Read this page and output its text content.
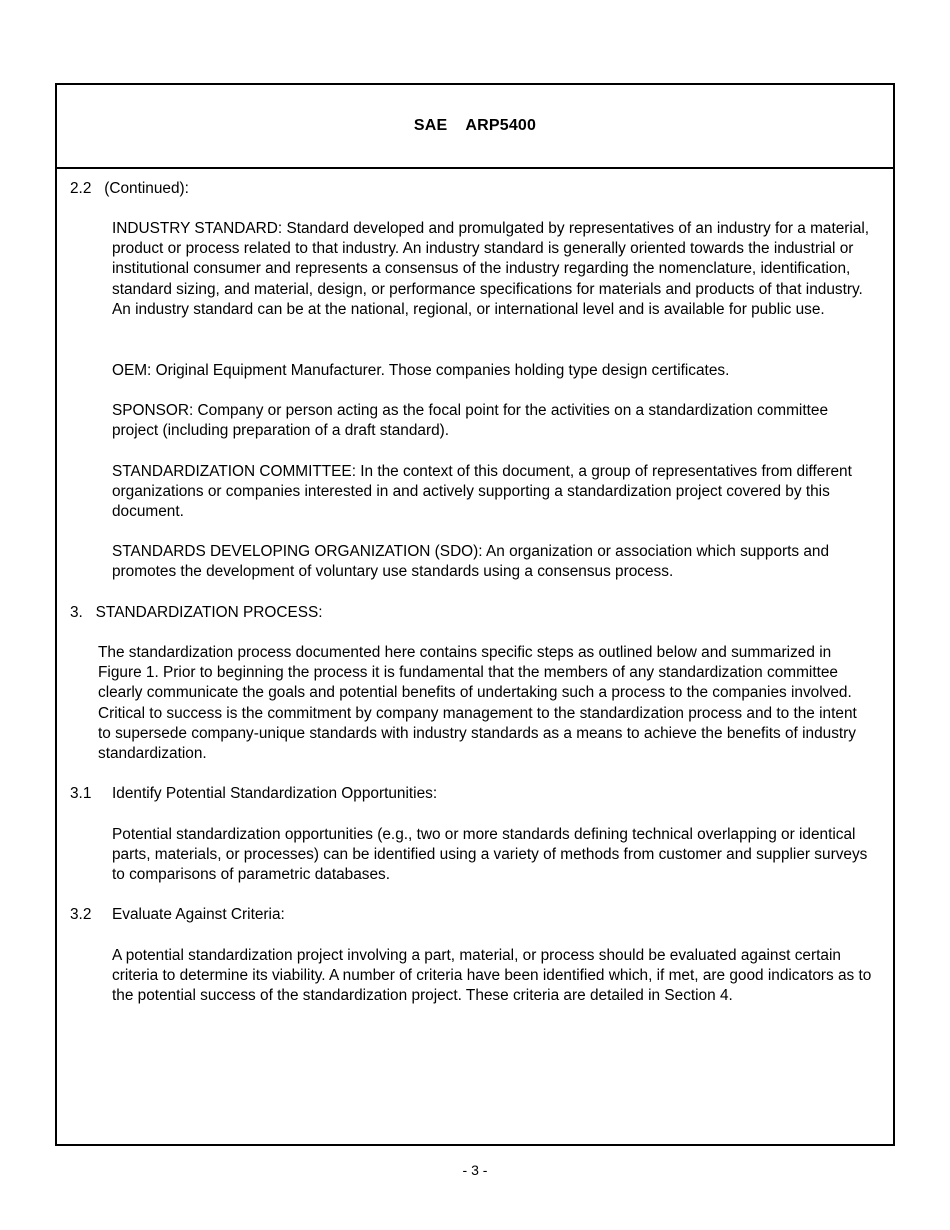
SAE ARP5400

2.2 (Continued):

INDUSTRY STANDARD: Standard developed and promulgated by representatives of an industry for a material, product or process related to that industry. An industry standard is generally oriented towards the industrial or institutional consumer and represents a consensus of the industry regarding the nomenclature, identification, standard sizing, and material, design, or performance specifications for materials and products of that industry. An industry standard can be at the national, regional, or international level and is available for public use.

OEM: Original Equipment Manufacturer. Those companies holding type design certificates.

SPONSOR: Company or person acting as the focal point for the activities on a standardization committee project (including preparation of a draft standard).

STANDARDIZATION COMMITTEE: In the context of this document, a group of representatives from different organizations or companies interested in and actively supporting a standardization project covered by this document.

STANDARDS DEVELOPING ORGANIZATION (SDO): An organization or association which supports and promotes the development of voluntary use standards using a consensus process.

3. STANDARDIZATION PROCESS:

The standardization process documented here contains specific steps as outlined below and summarized in Figure 1. Prior to beginning the process it is fundamental that the members of any standardization committee clearly communicate the goals and potential benefits of undertaking such a process to the companies involved. Critical to success is the commitment by company management to the standardization process and to the intent to supersede company-unique standards with industry standards as a means to achieve the benefits of industry standardization.

3.1 Identify Potential Standardization Opportunities:

Potential standardization opportunities (e.g., two or more standards defining technical overlapping or identical parts, materials, or processes) can be identified using a variety of methods from customer and supplier surveys to comparisons of parametric databases.

3.2 Evaluate Against Criteria:

A potential standardization project involving a part, material, or process should be evaluated against certain criteria to determine its viability. A number of criteria have been identified which, if met, are good indicators as to the potential success of the standardization project. These criteria are detailed in Section 4.

- 3 -
